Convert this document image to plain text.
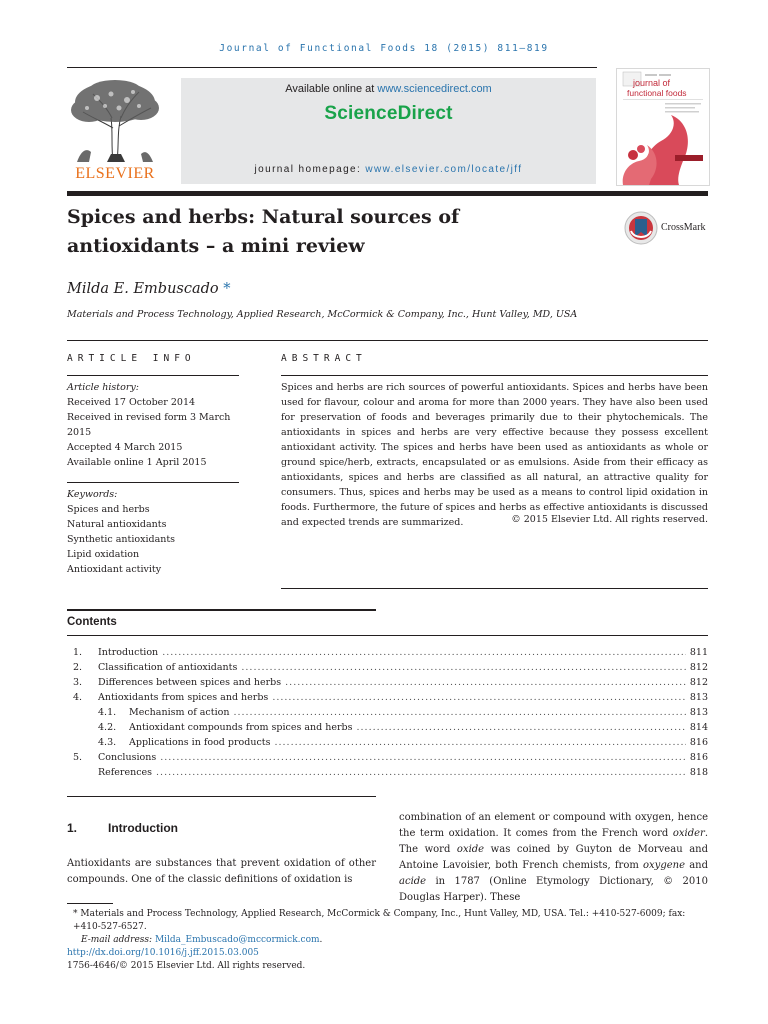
Journal of Functional Foods 18 (2015) 811–819
ELSEVIER
Available online at www.sciencedirect.com
ScienceDirect
journal homepage: www.elsevier.com/locate/jff
journal of
functional foods
Spices and herbs: Natural sources of
antioxidants – a mini review
CrossMark
Milda E. Embuscado *
Materials and Process Technology, Applied Research, McCormick & Company, Inc., Hunt Valley, MD, USA
ARTICLE INFO	ABSTRACT
Article history:
Received 17 October 2014
Received in revised form 3 March
2015
Accepted 4 March 2015
Available online 1 April 2015
Keywords:
Spices and herbs
Natural antioxidants
Synthetic antioxidants
Lipid oxidation
Antioxidant activity
Spices and herbs are rich sources of powerful antioxidants. Spices and herbs have been used for flavour, colour and aroma for more than 2000 years. They have also been used for preservation of foods and beverages primarily due to their phytochemicals. The antioxidants in spices and herbs are very effective because they possess excellent antioxidant activity. The spices and herbs have been used as antioxidants as whole or ground spice/herb, extracts, encapsulated or as emulsions. Aside from their efficacy as antioxidants, spices and herbs are classified as all natural, an attractive quality for consumers. Thus, spices and herbs may be used as a means to control lipid oxidation in foods. Furthermore, the future of spices and herbs as effective antioxidants is discussed and expected trends are summarized.	© 2015 Elsevier Ltd. All rights reserved.
Contents
1. Introduction .....	811
2. Classification of antioxidants .....	812
3. Differences between spices and herbs .....	812
4. Antioxidants from spices and herbs .....	813
4.1. Mechanism of action .....	813
4.2. Antioxidant compounds from spices and herbs .....	814
4.3. Applications in food products .....	816
5. Conclusions .....	816
References .....	818
1.	Introduction
Antioxidants are substances that prevent oxidation of other compounds. One of the classic definitions of oxidation is
combination of an element or compound with oxygen, hence the term oxidation. It comes from the French word oxider. The word oxide was coined by Guyton de Morveau and Antoine Lavoisier, both French chemists, from oxygene and acide in 1787 (Online Etymology Dictionary, © 2010 Douglas Harper). These
* Materials and Process Technology, Applied Research, McCormick & Company, Inc., Hunt Valley, MD, USA. Tel.: +410-527-6009; fax: +410-527-6527.
E-mail address: Milda_Embuscado@mccormick.com.
http://dx.doi.org/10.1016/j.jff.2015.03.005
1756-4646/© 2015 Elsevier Ltd. All rights reserved.
